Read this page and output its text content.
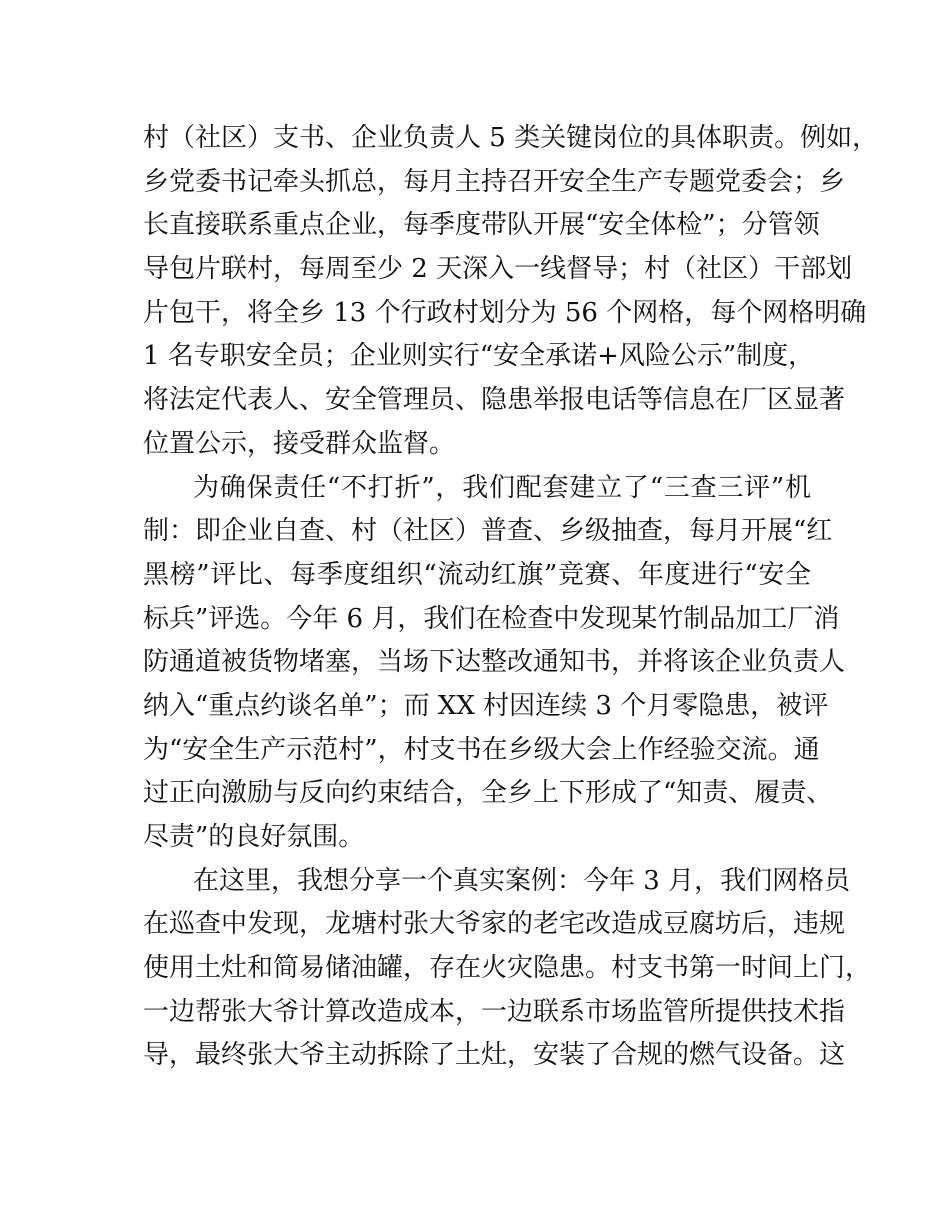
村（社区）支书、企业负责人 5 类关键岗位的具体职责。例如，
乡党委书记牵头抓总，每月主持召开安全生产专题党委会；乡
长直接联系重点企业，每季度带队开展“安全体检”；分管领
导包片联村，每周至少 2 天深入一线督导；村（社区）干部划
片包干，将全乡 13 个行政村划分为 56 个网格，每个网格明确
1 名专职安全员；企业则实行“安全承诺+风险公示”制度，
将法定代表人、安全管理员、隐患举报电话等信息在厂区显著
位置公示，接受群众监督。
为确保责任“不打折”，我们配套建立了“三查三评”机
制：即企业自查、村（社区）普查、乡级抽查，每月开展“红
黑榜”评比、每季度组织“流动红旗”竞赛、年度进行“安全
标兵”评选。今年 6 月，我们在检查中发现某竹制品加工厂消
防通道被货物堵塞，当场下达整改通知书，并将该企业负责人
纳入“重点约谈名单”；而 XX 村因连续 3 个月零隐患，被评
为“安全生产示范村”，村支书在乡级大会上作经验交流。通
过正向激励与反向约束结合，全乡上下形成了“知责、履责、
尽责”的良好氛围。
在这里，我想分享一个真实案例：今年 3 月，我们网格员
在巡查中发现，龙塘村张大爷家的老宅改造成豆腐坊后，违规
使用土灶和简易储油罐，存在火灾隐患。村支书第一时间上门，
一边帮张大爷计算改造成本，一边联系市场监管所提供技术指
导，最终张大爷主动拆除了土灶，安装了合规的燃气设备。这
